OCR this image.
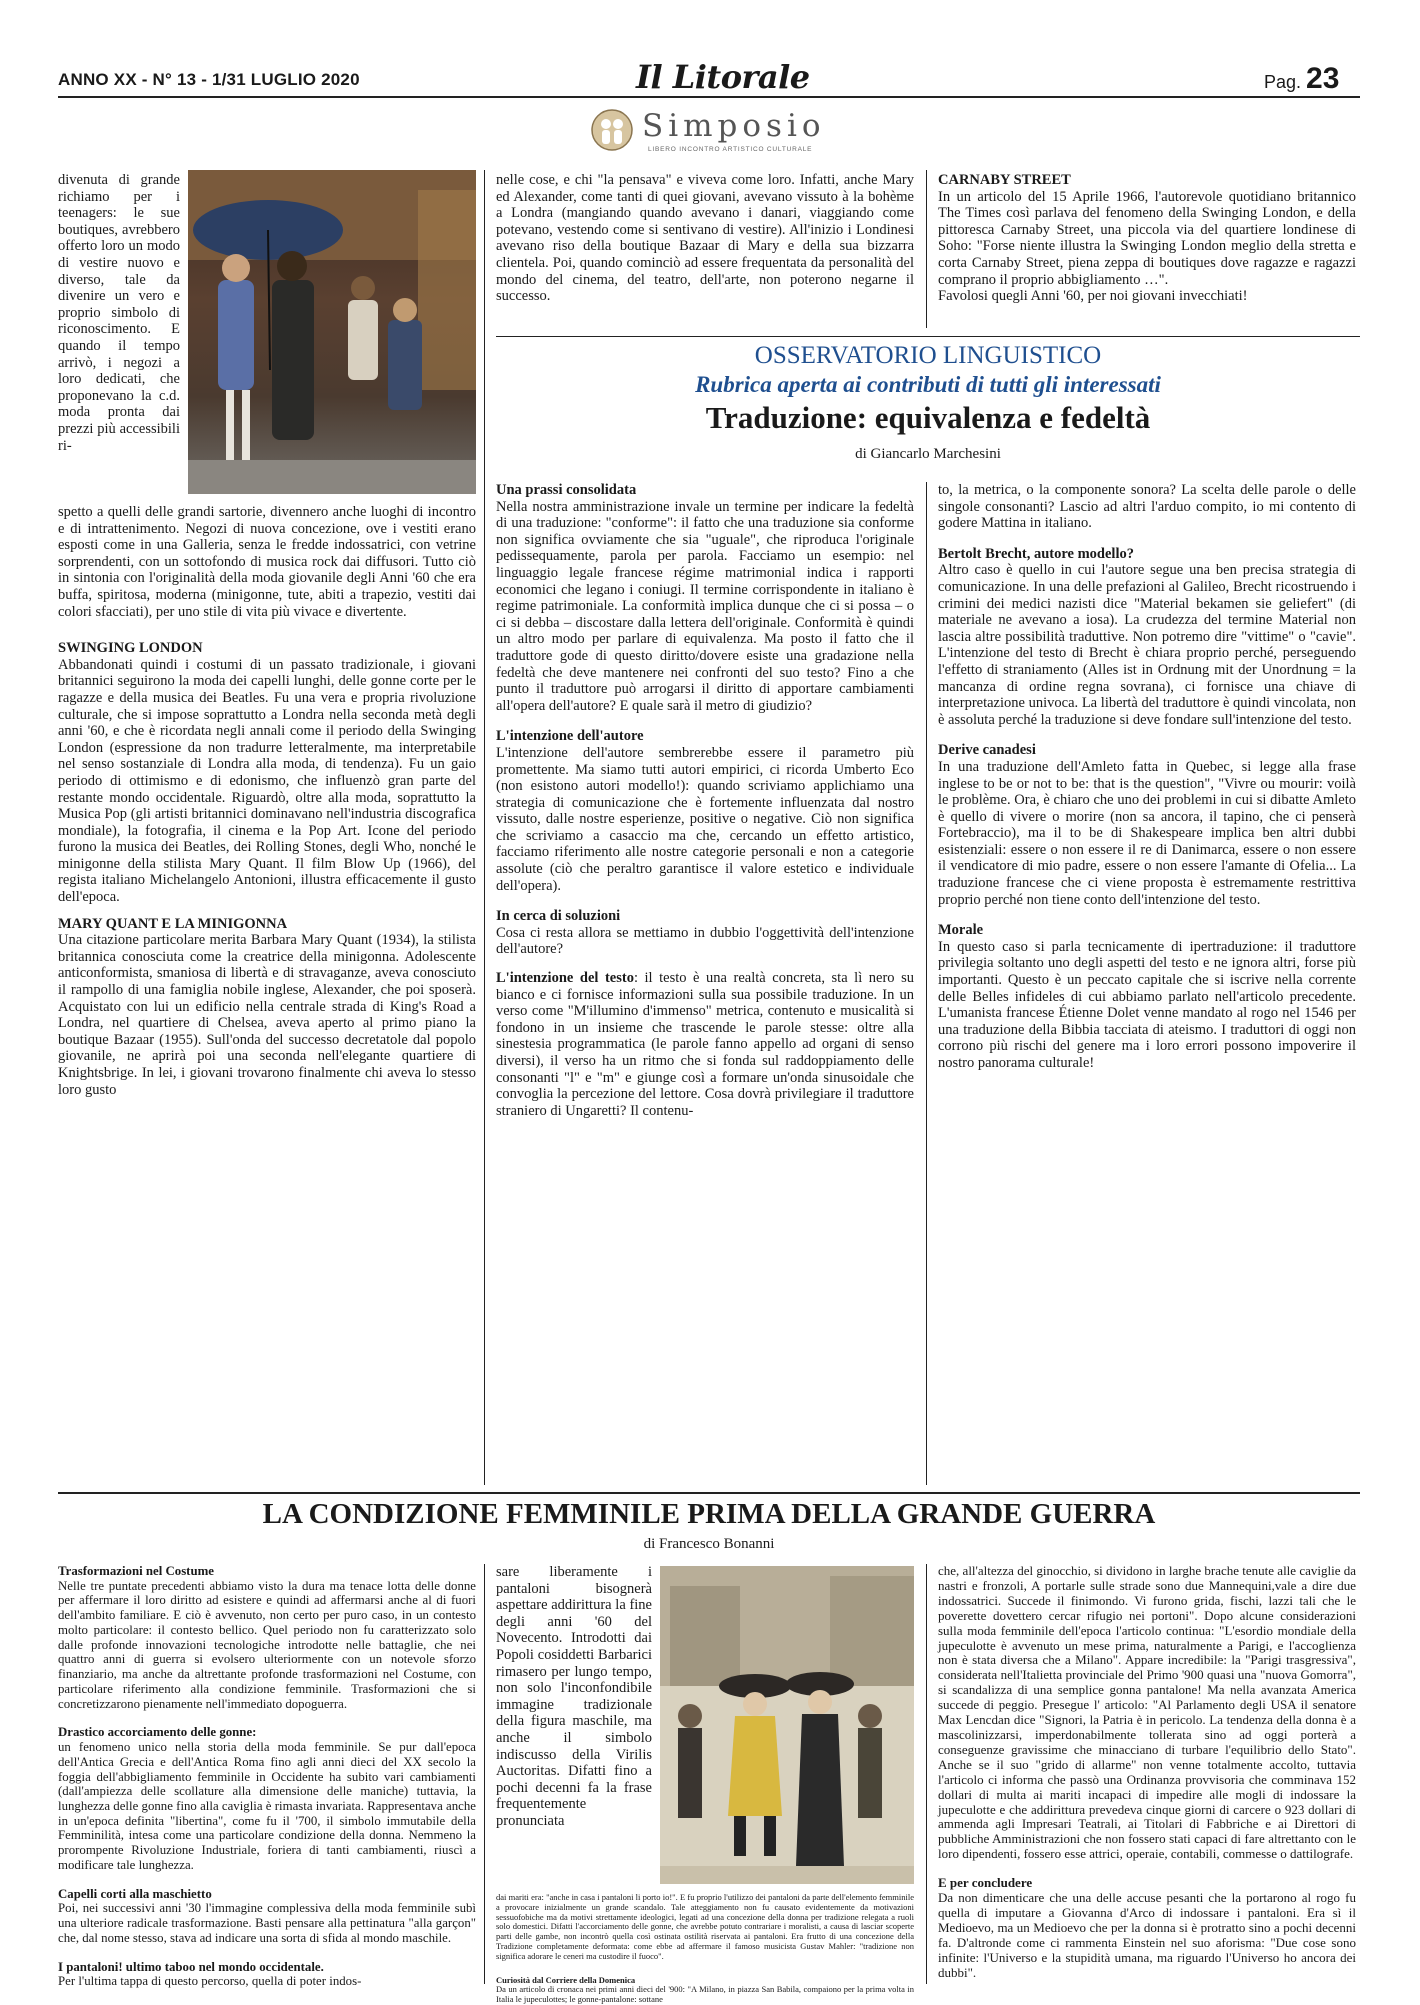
ANNO XX - N° 13 - 1/31 LUGLIO 2020	Il Litorale	Pag. 23
Simposio
LIBERO INCONTRO ARTISTICO CULTURALE
divenuta di grande richiamo per i teenagers: le sue boutiques, avrebbero offerto loro un modo di vestire nuovo e diverso, tale da divenire un vero e proprio simbolo di riconoscimento. E quando il tempo arrivò, i negozi a loro dedicati, che proponevano la c.d. moda pronta dai prezzi più accessibili ri-

spetto a quelli delle grandi sartorie, divennero anche luoghi di incontro e di intrattenimento. Negozi di nuova concezione, ove i vestiti erano esposti come in una Galleria, senza le fredde indossatrici, con vetrine sorprendenti, con un sottofondo di musica rock dai diffusori. Tutto ciò in sintonia con l'originalità della moda giovanile degli Anni '60 che era buffa, spiritosa, moderna (minigonne, tute, abiti a trapezio, vestiti dai colori sfacciati), per uno stile di vita più vivace e divertente.

SWINGING LONDON

Abbandonati quindi i costumi di un passato tradizionale, i giovani britannici seguirono la moda dei capelli lunghi, delle gonne corte per le ragazze e della musica dei Beatles. Fu una vera e propria rivoluzione culturale, che si impose soprattutto a Londra nella seconda metà degli anni '60, e che è ricordata negli annali come il periodo della Swinging London (espressione da non tradurre letteralmente, ma interpretabile nel senso sostanziale di Londra alla moda, di tendenza). Fu un gaio periodo di ottimismo e di edonismo, che influenzò gran parte del restante mondo occidentale. Riguardò, oltre alla moda, soprattutto la Musica Pop (gli artisti britannici dominavano nell'industria discografica mondiale), la fotografia, il cinema e la Pop Art. Icone del periodo furono la musica dei Beatles, dei Rolling Stones, degli Who, nonché le minigonne della stilista Mary Quant. Il film Blow Up (1966), del regista italiano Michelangelo Antonioni, illustra efficacemente il gusto dell'epoca.

MARY QUANT E LA MINIGONNA

Una citazione particolare merita Barbara Mary Quant (1934), la stilista britannica conosciuta come la creatrice della minigonna. Adolescente anticonformista, smaniosa di libertà e di stravaganze, aveva conosciuto il rampollo di una famiglia nobile inglese, Alexander, che poi sposerà. Acquistato con lui un edificio nella centrale strada di King's Road a Londra, nel quartiere di Chelsea, aveva aperto al primo piano la boutique Bazaar (1955). Sull'onda del successo decretatole dal popolo giovanile, ne aprirà poi una seconda nell'elegante quartiere di Knightsbrige. In lei, i giovani trovarono finalmente chi aveva lo stesso loro gusto

nelle cose, e chi "la pensava" e viveva come loro. Infatti, anche Mary ed Alexander, come tanti di quei giovani, avevano vissuto à la bohème a Londra (mangiando quando avevano i danari, viaggiando come potevano, vestendo come si sentivano di vestire). All'inizio i Londinesi avevano riso della boutique Bazaar di Mary e della sua bizzarra clientela. Poi, quando cominciò ad essere frequentata da personalità del mondo del cinema, del teatro, dell'arte, non poterono negarne il successo.
CARNABY STREET

In un articolo del 15 Aprile 1966, l'autorevole quotidiano britannico The Times così parlava del fenomeno della Swinging London, e della pittoresca Carnaby Street, una piccola via del quartiere londinese di Soho: "Forse niente illustra la Swinging London meglio della stretta e corta Carnaby Street, piena zeppa di boutiques dove ragazze e ragazzi comprano il proprio abbigliamento …".

Favolosi quegli Anni '60, per noi giovani invecchiati!

OSSERVATORIO LINGUISTICO
Rubrica aperta ai contributi di tutti gli interessati
Traduzione: equivalenza e fedeltà
di Giancarlo Marchesini
Una prassi consolidata

Nella nostra amministrazione invale un termine per indicare la fedeltà di una traduzione: "conforme": il fatto che una traduzione sia conforme non significa ovviamente che sia "uguale", che riproduca l'originale pedissequamente, parola per parola. Facciamo un esempio: nel linguaggio legale francese régime matrimonial indica i rapporti economici che legano i coniugi. Il termine corrispondente in italiano è regime patrimoniale. La conformità implica dunque che ci si possa – o ci si debba – discostare dalla lettera dell'originale. Conformità è quindi un altro modo per parlare di equivalenza. Ma posto il fatto che il traduttore gode di questo diritto/dovere esiste una gradazione nella fedeltà che deve mantenere nei confronti del suo testo? Fino a che punto il traduttore può arrogarsi il diritto di apportare cambiamenti all'opera dell'autore? E quale sarà il metro di giudizio?

L'intenzione dell'autore

L'intenzione dell'autore sembrerebbe essere il parametro più promettente. Ma siamo tutti autori empirici, ci ricorda Umberto Eco (non esistono autori modello!): quando scriviamo applichiamo una strategia di comunicazione che è fortemente influenzata dal nostro vissuto, dalle nostre esperienze, positive o negative. Ciò non significa che scriviamo a casaccio ma che, cercando un effetto artistico, facciamo riferimento alle nostre categorie personali e non a categorie assolute (ciò che peraltro garantisce il valore estetico e individuale dell'opera).

In cerca di soluzioni

Cosa ci resta allora se mettiamo in dubbio l'oggettività dell'intenzione dell'autore?

L'intenzione del testo: il testo è una realtà concreta, sta lì nero su bianco e ci fornisce informazioni sulla sua possibile traduzione. In un verso come "M'illumino d'immenso" metrica, contenuto e musicalità si fondono in un insieme che trascende le parole stesse: oltre alla sinestesia programmatica (le parole fanno appello ad organi di senso diversi), il verso ha un ritmo che si fonda sul raddoppiamento delle consonanti "l" e "m" e giunge così a formare un'onda sinusoidale che convoglia la percezione del lettore. Cosa dovrà privilegiare il traduttore straniero di Ungaretti? Il contenu-

to, la metrica, o la componente sonora? La scelta delle parole o delle singole consonanti? Lascio ad altri l'arduo compito, io mi contento di godere Mattina in italiano.

Bertolt Brecht, autore modello?

Altro caso è quello in cui l'autore segue una ben precisa strategia di comunicazione. In una delle prefazioni al Galileo, Brecht ricostruendo i crimini dei medici nazisti dice "Material bekamen sie geliefert" (di materiale ne avevano a iosa). La crudezza del termine Material non lascia altre possibilità traduttive. Non potremo dire "vittime" o "cavie". L'intenzione del testo di Brecht è chiara proprio perché, perseguendo l'effetto di straniamento (Alles ist in Ordnung mit der Unordnung = la mancanza di ordine regna sovrana), ci fornisce una chiave di interpretazione univoca. La libertà del traduttore è quindi vincolata, non è assoluta perché la traduzione si deve fondare sull'intenzione del testo.

Derive canadesi

In una traduzione dell'Amleto fatta in Quebec, si legge alla frase inglese to be or not to be: that is the question", "Vivre ou mourir: voilà le problème. Ora, è chiaro che uno dei problemi in cui si dibatte Amleto è quello di vivere o morire (non sa ancora, il tapino, che ci penserà Fortebraccio), ma il to be di Shakespeare implica ben altri dubbi esistenziali: essere o non essere il re di Danimarca, essere o non essere il vendicatore di mio padre, essere o non essere l'amante di Ofelia... La traduzione francese che ci viene proposta è estremamente restrittiva proprio perché non tiene conto dell'intenzione del testo.

Morale

In questo caso si parla tecnicamente di ipertraduzione: il traduttore privilegia soltanto uno degli aspetti del testo e ne ignora altri, forse più importanti. Questo è un peccato capitale che si iscrive nella corrente delle Belles infideles di cui abbiamo parlato nell'articolo precedente. L'umanista francese Étienne Dolet venne mandato al rogo nel 1546 per una traduzione della Bibbia tacciata di ateismo. I traduttori di oggi non corrono più rischi del genere ma i loro errori possono impoverire il nostro panorama culturale!

LA CONDIZIONE FEMMINILE PRIMA DELLA GRANDE GUERRA
di Francesco Bonanni
Trasformazioni nel Costume

Nelle tre puntate precedenti abbiamo visto la dura ma tenace lotta delle donne per affermare il loro diritto ad esistere e quindi ad affermarsi anche al di fuori dell'ambito familiare. E ciò è avvenuto, non certo per puro caso, in un contesto molto particolare: il contesto bellico. Quel periodo non fu caratterizzato solo dalle profonde innovazioni tecnologiche introdotte nelle battaglie, che nei quattro anni di guerra si evolsero ulteriormente con un notevole sforzo finanziario, ma anche da altrettante profonde trasformazioni nel Costume, con particolare riferimento alla condizione femminile. Trasformazioni che si concretizzarono pienamente nell'immediato dopoguerra.

Drastico accorciamento delle gonne:

un fenomeno unico nella storia della moda femminile. Se pur dall'epoca dell'Antica Grecia e dell'Antica Roma fino agli anni dieci del XX secolo la foggia dell'abbigliamento femminile in Occidente ha subito vari cambiamenti (dall'ampiezza delle scollature alla dimensione delle maniche) tuttavia, la lunghezza delle gonne fino alla caviglia è rimasta invariata. Rappresentava anche in un'epoca definita "libertina", come fu il '700, il simbolo immutabile della Femminilità, intesa come una particolare condizione della donna. Nemmeno la prorompente Rivoluzione Industriale, foriera di tanti cambiamenti, riuscì a modificare tale lunghezza.

Capelli corti alla maschietto

Poi, nei successivi anni '30 l'immagine complessiva della moda femminile subì una ulteriore radicale trasformazione. Basti pensare alla pettinatura "alla garçon" che, dal nome stesso, stava ad indicare una sorta di sfida al mondo maschile.

I pantaloni! ultimo taboo nel mondo occidentale.

Per l'ultima tappa di questo percorso, quella di poter indos-

sare liberamente i pantaloni bisognerà aspettare addirittura la fine degli anni '60 del Novecento. Introdotti dai Popoli cosiddetti Barbarici rimasero per lungo tempo, non solo l'inconfondibile immagine tradizionale della figura maschile, ma anche il simbolo indiscusso della Virilis Auctoritas. Difatti fino a pochi decenni fa la frase frequentemente pronunciata

dai mariti era: "anche in casa i pantaloni li porto io!". E fu proprio l'utilizzo dei pantaloni da parte dell'elemento femminile a provocare inizialmente un grande scandalo. Tale atteggiamento non fu causato evidentemente da motivazioni sessuofobiche ma da motivi strettamente ideologici, legati ad una concezione della donna per tradizione relegata a ruoli solo domestici. Difatti l'accorciamento delle gonne, che avrebbe potuto contrariare i moralisti, a causa di lasciar scoperte parti delle gambe, non incontrò quella così ostinata ostilità riservata ai pantaloni. Era frutto di una concezione della Tradizione completamente deformata: come ebbe ad affermare il famoso musicista Gustav Mahler: "tradizione non significa adorare le ceneri ma custodire il fuoco".

Curiosità dal Corriere della Domenica

Da un articolo di cronaca nei primi anni dieci del '900: "A Milano, in piazza San Babila, compaiono per la prima volta in Italia le jupeculottes; le gonne-pantalone: sottane

che, all'altezza del ginocchio, si dividono in larghe brache tenute alle caviglie da nastri e fronzoli, A portarle sulle strade sono due Mannequini,vale a dire due indossatrici. Succede il finimondo. Vi furono grida, fischi, lazzi tali che le poverette dovettero cercar rifugio nei portoni". Dopo alcune considerazioni sulla moda femminile dell'epoca l'articolo continua: "L'esordio mondiale della jupeculotte è avvenuto un mese prima, naturalmente a Parigi, e l'accoglienza non è stata diversa che a Milano". Appare incredibile: la "Parigi trasgressiva", considerata nell'Italietta provinciale del Primo '900 quasi una "nuova Gomorra", si scandalizza di una semplice gonna pantalone! Ma nella avanzata America succede di peggio. Presegue l' articolo: "Al Parlamento degli USA il senatore Max Lencdan dice "Signori, la Patria è in pericolo. La tendenza della donna è a mascolinizzarsi, imperdonabilmente tollerata sino ad oggi porterà a conseguenze gravissime che minacciano di turbare l'equilibrio dello Stato". Anche se il suo "grido di allarme" non venne totalmente accolto, tuttavia l'articolo ci informa che passò una Ordinanza provvisoria che comminava 152 dollari di multa ai mariti incapaci di impedire alle mogli di indossare la jupeculotte e che addirittura prevedeva cinque giorni di carcere o 923 dollari di ammenda agli Impresari Teatrali, ai Titolari di Fabbriche e ai Direttori di pubbliche Amministrazioni che non fossero stati capaci di fare altrettanto con le loro dipendenti, fossero esse attrici, operaie, contabili, commesse o dattilografe.

E per concludere

Da non dimenticare che una delle accuse pesanti che la portarono al rogo fu quella di imputare a Giovanna d'Arco di indossare i pantaloni. Era sì il Medioevo, ma un Medioevo che per la donna si è protratto sino a pochi decenni fa. D'altronde come ci rammenta Einstein nel suo aforisma: "Due cose sono infinite: l'Universo e la stupidità umana, ma riguardo l'Universo ho ancora dei dubbi".
